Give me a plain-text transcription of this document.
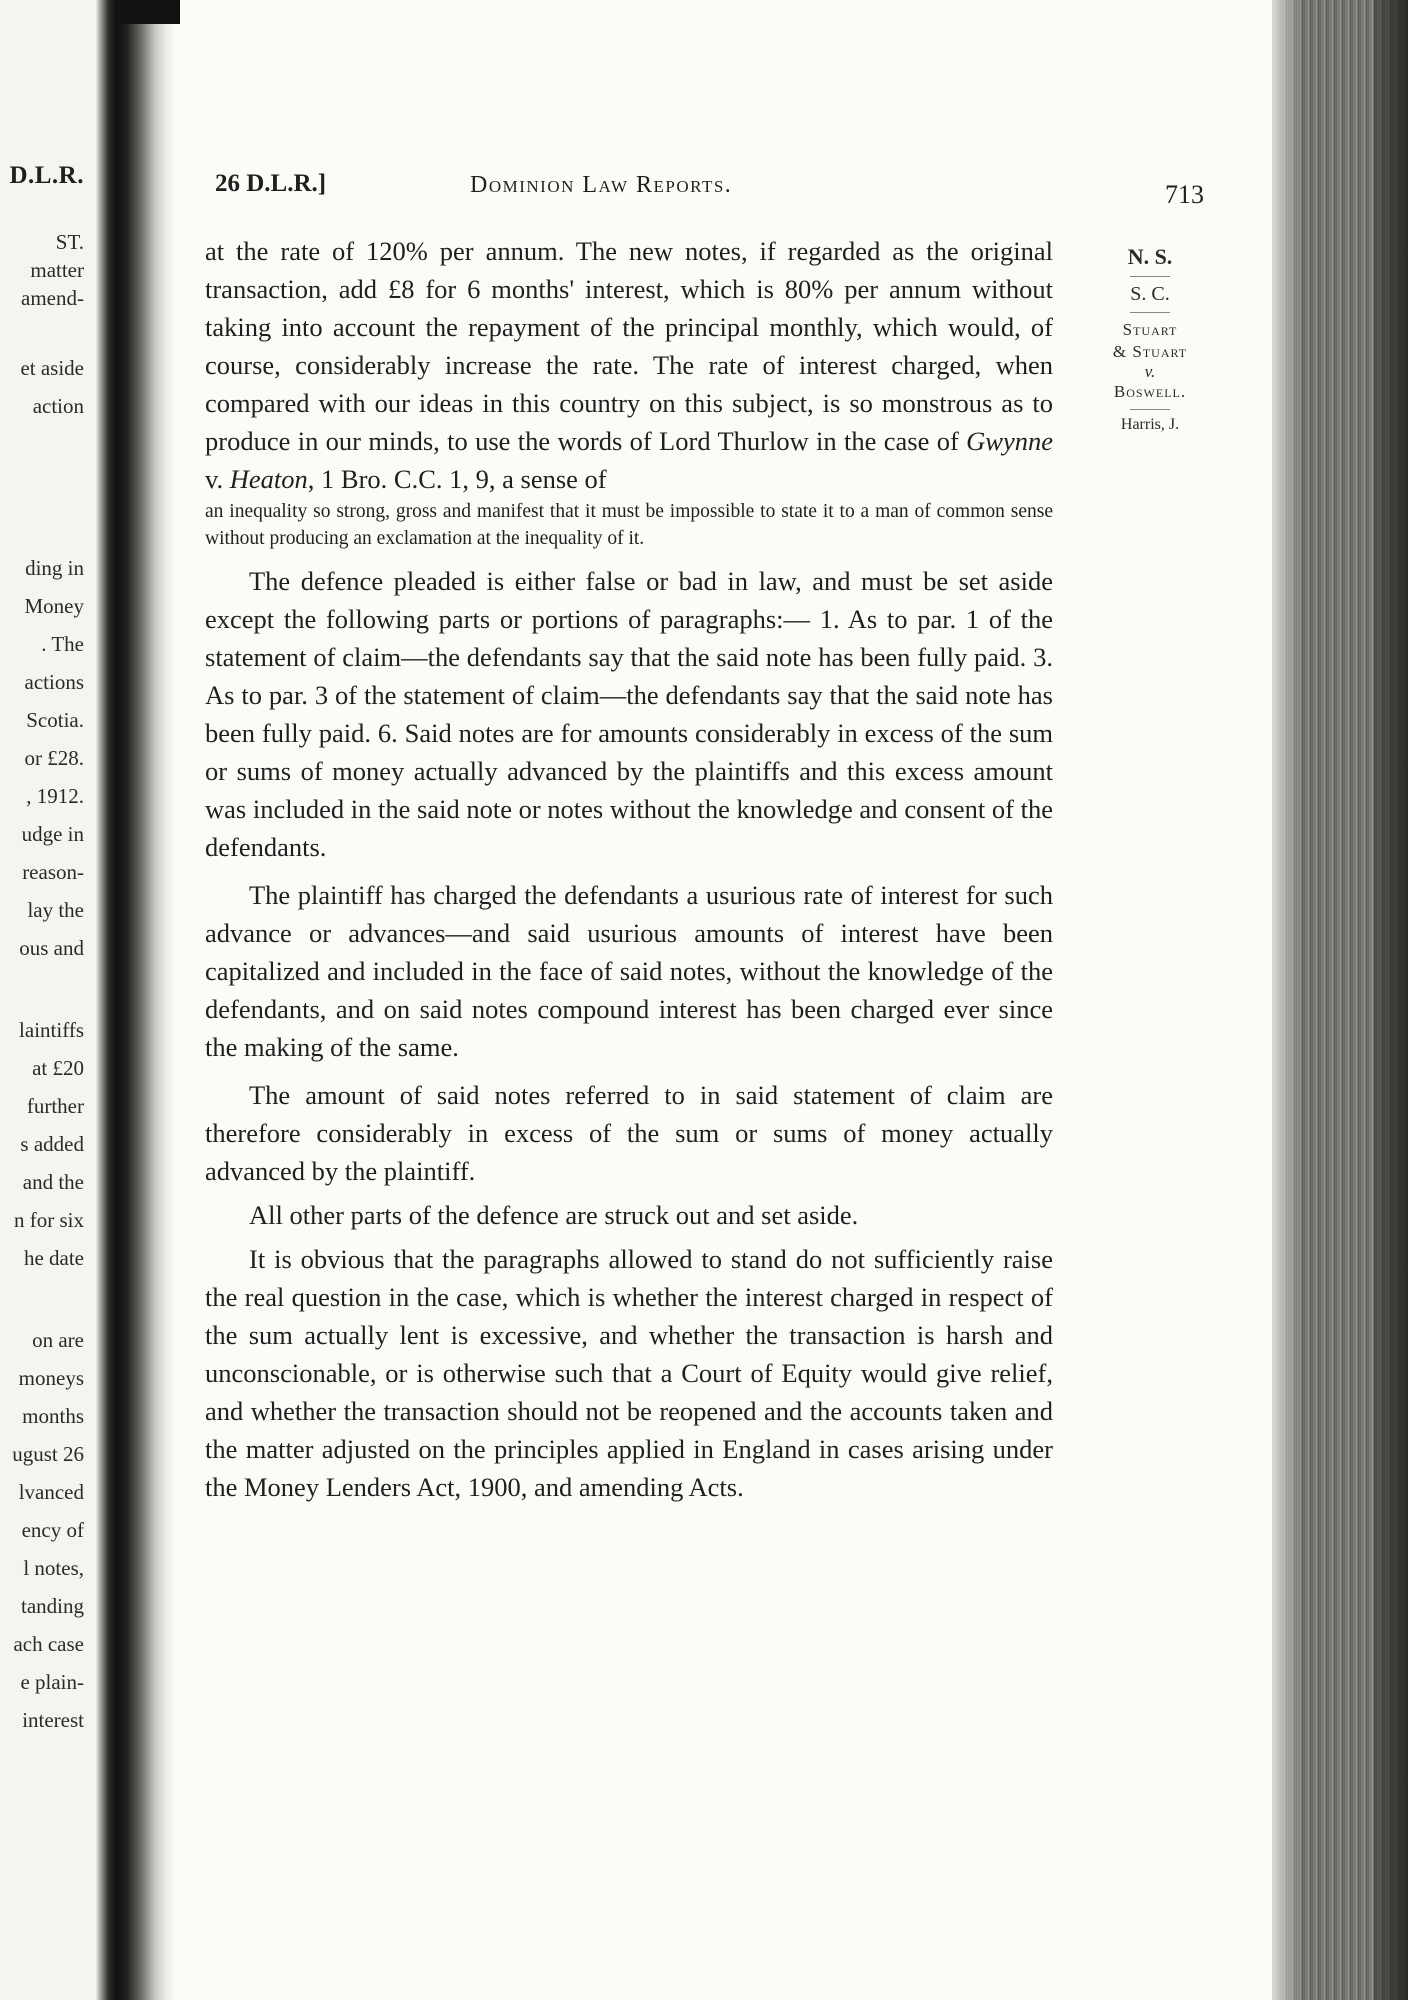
D.L.R.
ST.
matter
amend-
et aside
action
ding in
Money
. The
actions
Scotia.
or £28.
, 1912.
udge in
reason-
lay the
ous and
laintiffs
at £20
further
s added
and the
n for six
he date
on are
moneys
months
ugust 26
lvanced
ency of
l notes,
tanding
ach case
e plain-
interest
26 D.L.R.]	Dominion Law Reports.	713

at the rate of 120% per annum. The new notes, if regarded as the original transaction, add £8 for 6 months' interest, which is 80% per annum without taking into account the repayment of the principal monthly, which would, of course, considerably increase the rate. The rate of interest charged, when compared with our ideas in this country on this subject, is so monstrous as to produce in our minds, to use the words of Lord Thurlow in the case of Gwynne v. Heaton, 1 Bro. C.C. 1, 9, a sense of

an inequality so strong, gross and manifest that it must be impossible to state it to a man of common sense without producing an exclamation at the inequality of it.

The defence pleaded is either false or bad in law, and must be set aside except the following parts or portions of paragraphs:— 1. As to par. 1 of the statement of claim—the defendants say that the said note has been fully paid. 3. As to par. 3 of the statement of claim—the defendants say that the said note has been fully paid. 6. Said notes are for amounts considerably in excess of the sum or sums of money actually advanced by the plaintiffs and this excess amount was included in the said note or notes without the knowledge and consent of the defendants.

The plaintiff has charged the defendants a usurious rate of interest for such advance or advances—and said usurious amounts of interest have been capitalized and included in the face of said notes, without the knowledge of the defendants, and on said notes compound interest has been charged ever since the making of the same.

The amount of said notes referred to in said statement of claim are therefore considerably in excess of the sum or sums of money actually advanced by the plaintiff.

All other parts of the defence are struck out and set aside.

It is obvious that the paragraphs allowed to stand do not sufficiently raise the real question in the case, which is whether the interest charged in respect of the sum actually lent is excessive, and whether the transaction is harsh and unconscionable, or is otherwise such that a Court of Equity would give relief, and whether the transaction should not be reopened and the accounts taken and the matter adjusted on the principles applied in England in cases arising under the Money Lenders Act, 1900, and amending Acts.

N. S.
S. C.
Stuart
& Stuart
v.
Boswell.
Harris, J.
